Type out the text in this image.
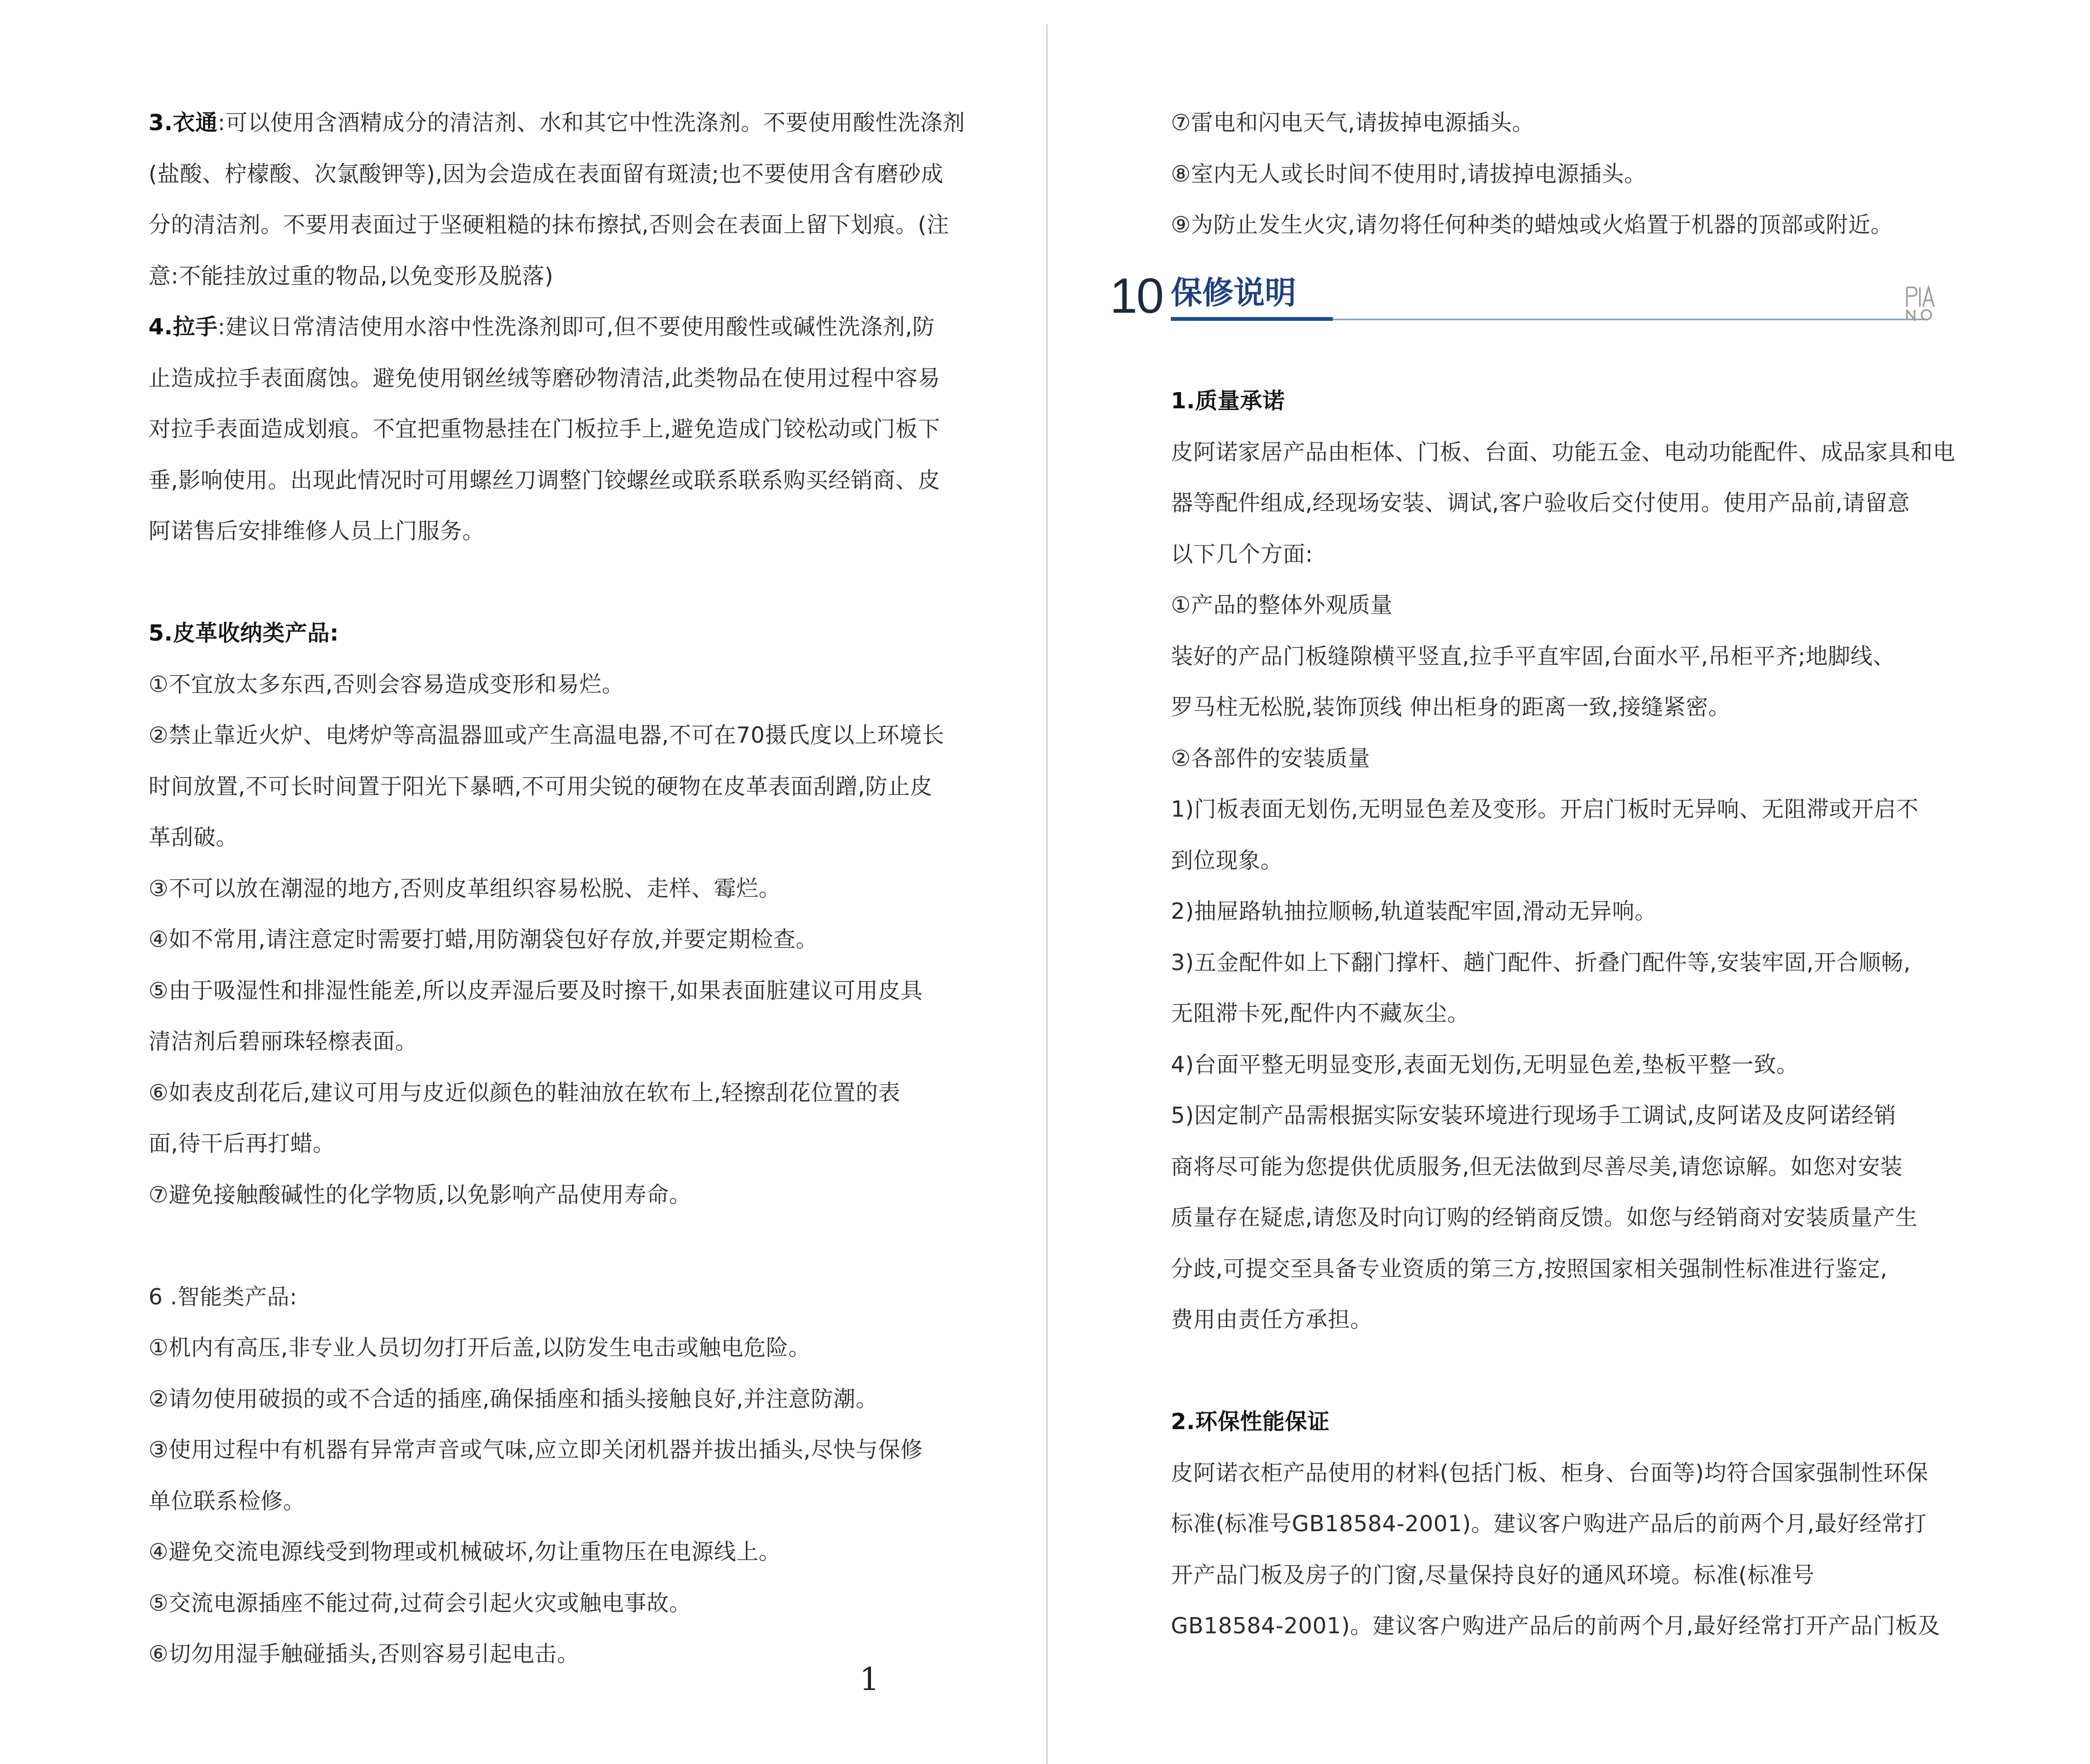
3.衣通:可以使用含酒精成分的清洁剂、水和其它中性洗涤剂。不要使用酸性洗涤剂
(盐酸、柠檬酸、次氯酸钾等),因为会造成在表面留有斑渍;也不要使用含有磨砂成
分的清洁剂。不要用表面过于坚硬粗糙的抹布擦拭,否则会在表面上留下划痕。(注
意:不能挂放过重的物品,以免变形及脱落)
4.拉手:建议日常清洁使用水溶中性洗涤剂即可,但不要使用酸性或碱性洗涤剂,防
止造成拉手表面腐蚀。避免使用钢丝绒等磨砂物清洁,此类物品在使用过程中容易
对拉手表面造成划痕。不宜把重物悬挂在门板拉手上,避免造成门铰松动或门板下
垂,影响使用。出现此情况时可用螺丝刀调整门铰螺丝或联系联系购买经销商、皮
阿诺售后安排维修人员上门服务。
5.皮革收纳类产品:
①不宜放太多东西,否则会容易造成变形和易烂。
②禁止靠近火炉、电烤炉等高温器皿或产生高温电器,不可在70摄氏度以上环境长
时间放置,不可长时间置于阳光下暴晒,不可用尖锐的硬物在皮革表面刮蹭,防止皮
革刮破。
③不可以放在潮湿的地方,否则皮革组织容易松脱、走样、霉烂。
④如不常用,请注意定时需要打蜡,用防潮袋包好存放,并要定期检查。
⑤由于吸湿性和排湿性能差,所以皮弄湿后要及时擦干,如果表面脏建议可用皮具
清洁剂后碧丽珠轻檫表面。
⑥如表皮刮花后,建议可用与皮近似颜色的鞋油放在软布上,轻擦刮花位置的表
面,待干后再打蜡。
⑦避免接触酸碱性的化学物质,以免影响产品使用寿命。
6 .智能类产品:
①机内有高压,非专业人员切勿打开后盖,以防发生电击或触电危险。
②请勿使用破损的或不合适的插座,确保插座和插头接触良好,并注意防潮。
③使用过程中有机器有异常声音或气味,应立即关闭机器并拔出插头,尽快与保修
单位联系检修。
④避免交流电源线受到物理或机械破坏,勿让重物压在电源线上。
⑤交流电源插座不能过荷,过荷会引起火灾或触电事故。
⑥切勿用湿手触碰插头,否则容易引起电击。
1
⑦雷电和闪电天气,请拔掉电源插头。
⑧室内无人或长时间不使用时,请拔掉电源插头。
⑨为防止发生火灾,请勿将任何种类的蜡烛或火焰置于机器的顶部或附近。
10 保修说明
1.质量承诺
皮阿诺家居产品由柜体、门板、台面、功能五金、电动功能配件、成品家具和电
器等配件组成,经现场安装、调试,客户验收后交付使用。使用产品前,请留意
以下几个方面:
①产品的整体外观质量
装好的产品门板缝隙横平竖直,拉手平直牢固,台面水平,吊柜平齐;地脚线、
罗马柱无松脱,装饰顶线 伸出柜身的距离一致,接缝紧密。
②各部件的安装质量
1)门板表面无划伤,无明显色差及变形。开启门板时无异响、无阻滞或开启不
到位现象。
2)抽屉路轨抽拉顺畅,轨道装配牢固,滑动无异响。
3)五金配件如上下翻门撑杆、趟门配件、折叠门配件等,安装牢固,开合顺畅,
无阻滞卡死,配件内不藏灰尘。
4)台面平整无明显变形,表面无划伤,无明显色差,垫板平整一致。
5)因定制产品需根据实际安装环境进行现场手工调试,皮阿诺及皮阿诺经销
商将尽可能为您提供优质服务,但无法做到尽善尽美,请您谅解。如您对安装
质量存在疑虑,请您及时向订购的经销商反馈。如您与经销商对安装质量产生
分歧,可提交至具备专业资质的第三方,按照国家相关强制性标准进行鉴定,
费用由责任方承担。
2.环保性能保证
皮阿诺衣柜产品使用的材料(包括门板、柜身、台面等)均符合国家强制性环保
标准(标准号GB18584-2001)。建议客户购进产品后的前两个月,最好经常打
开产品门板及房子的门窗,尽量保持良好的通风环境。标准(标准号
GB18584-2001)。建议客户购进产品后的前两个月,最好经常打开产品门板及
